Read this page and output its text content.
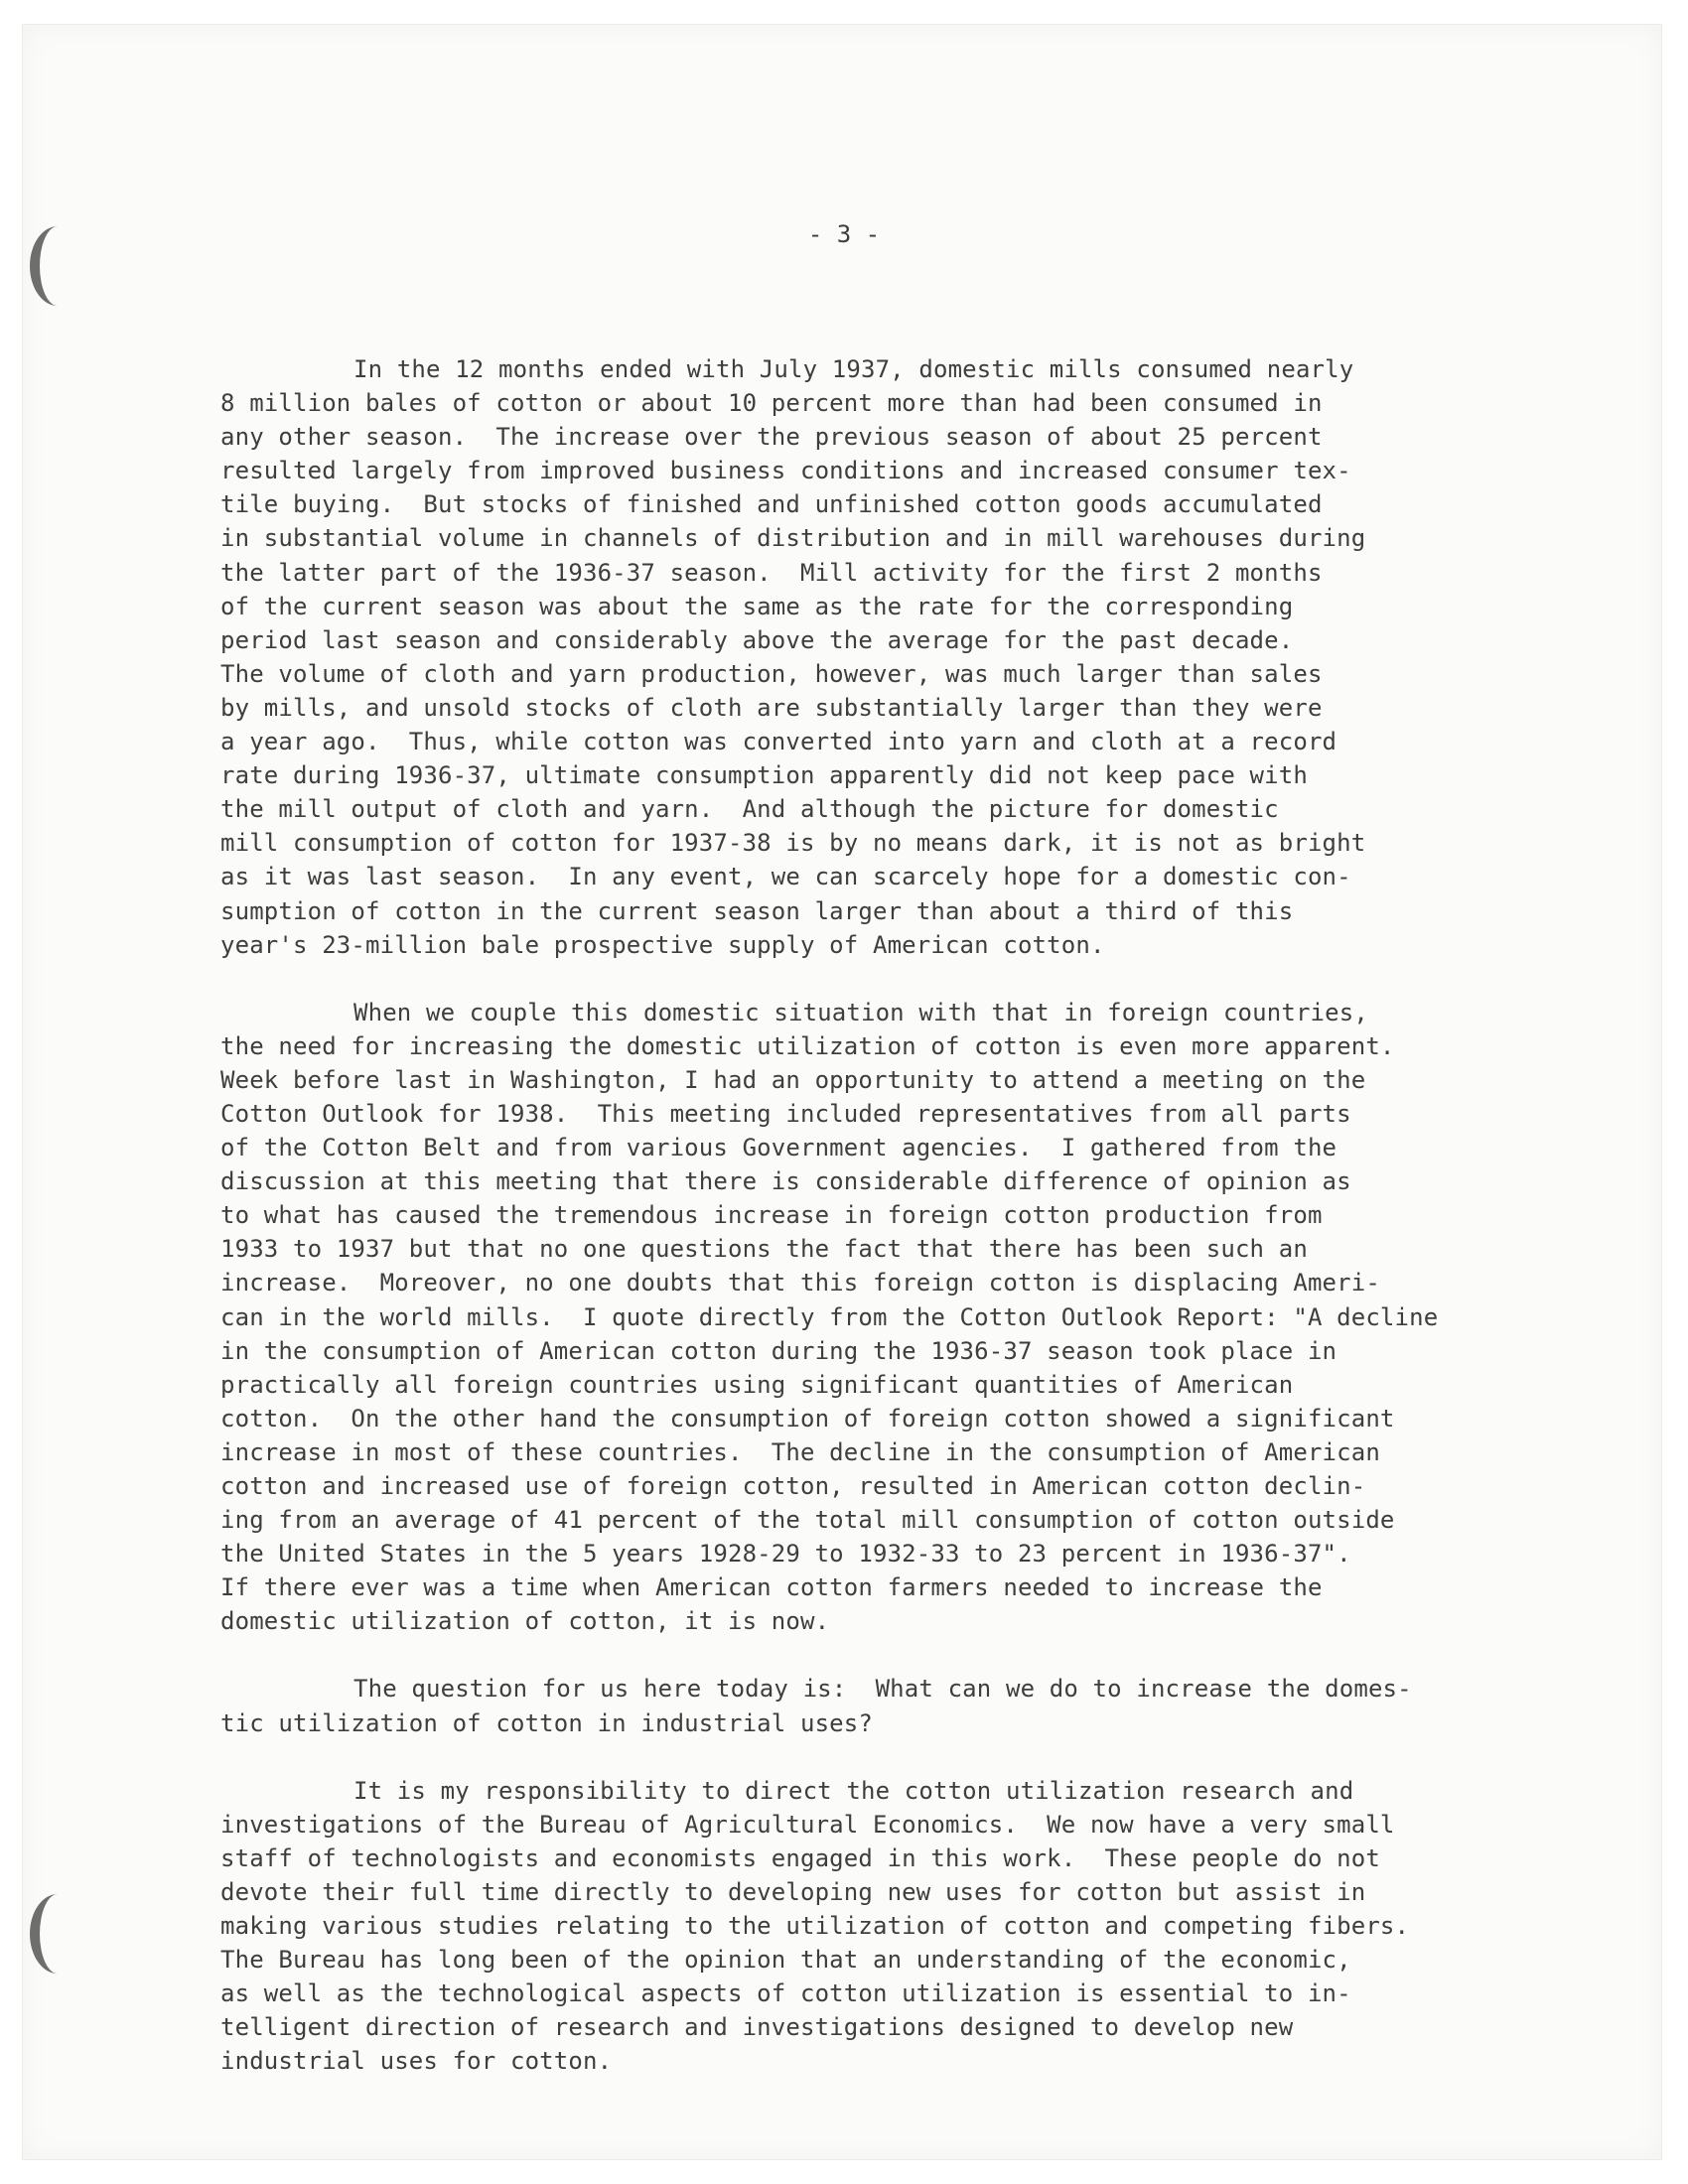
- 3 -

In the 12 months ended with July 1937, domestic mills consumed nearly
8 million bales of cotton or about 10 percent more than had been consumed in
any other season.  The increase over the previous season of about 25 percent
resulted largely from improved business conditions and increased consumer tex-
tile buying.  But stocks of finished and unfinished cotton goods accumulated
in substantial volume in channels of distribution and in mill warehouses during
the latter part of the 1936-37 season.  Mill activity for the first 2 months
of the current season was about the same as the rate for the corresponding
period last season and considerably above the average for the past decade.
The volume of cloth and yarn production, however, was much larger than sales
by mills, and unsold stocks of cloth are substantially larger than they were
a year ago.  Thus, while cotton was converted into yarn and cloth at a record
rate during 1936-37, ultimate consumption apparently did not keep pace with
the mill output of cloth and yarn.  And although the picture for domestic
mill consumption of cotton for 1937-38 is by no means dark, it is not as bright
as it was last season.  In any event, we can scarcely hope for a domestic con-
sumption of cotton in the current season larger than about a third of this
year's 23-million bale prospective supply of American cotton.
When we couple this domestic situation with that in foreign countries,
the need for increasing the domestic utilization of cotton is even more apparent.
Week before last in Washington, I had an opportunity to attend a meeting on the
Cotton Outlook for 1938.  This meeting included representatives from all parts
of the Cotton Belt and from various Government agencies.  I gathered from the
discussion at this meeting that there is considerable difference of opinion as
to what has caused the tremendous increase in foreign cotton production from
1933 to 1937 but that no one questions the fact that there has been such an
increase.  Moreover, no one doubts that this foreign cotton is displacing Ameri-
can in the world mills.  I quote directly from the Cotton Outlook Report: "A decline
in the consumption of American cotton during the 1936-37 season took place in
practically all foreign countries using significant quantities of American
cotton.  On the other hand the consumption of foreign cotton showed a significant
increase in most of these countries.  The decline in the consumption of American
cotton and increased use of foreign cotton, resulted in American cotton declin-
ing from an average of 41 percent of the total mill consumption of cotton outside
the United States in the 5 years 1928-29 to 1932-33 to 23 percent in 1936-37".
If there ever was a time when American cotton farmers needed to increase the
domestic utilization of cotton, it is now.
The question for us here today is:  What can we do to increase the domes-
tic utilization of cotton in industrial uses?
It is my responsibility to direct the cotton utilization research and
investigations of the Bureau of Agricultural Economics.  We now have a very small
staff of technologists and economists engaged in this work.  These people do not
devote their full time directly to developing new uses for cotton but assist in
making various studies relating to the utilization of cotton and competing fibers.
The Bureau has long been of the opinion that an understanding of the economic,
as well as the technological aspects of cotton utilization is essential to in-
telligent direction of research and investigations designed to develop new
industrial uses for cotton.
